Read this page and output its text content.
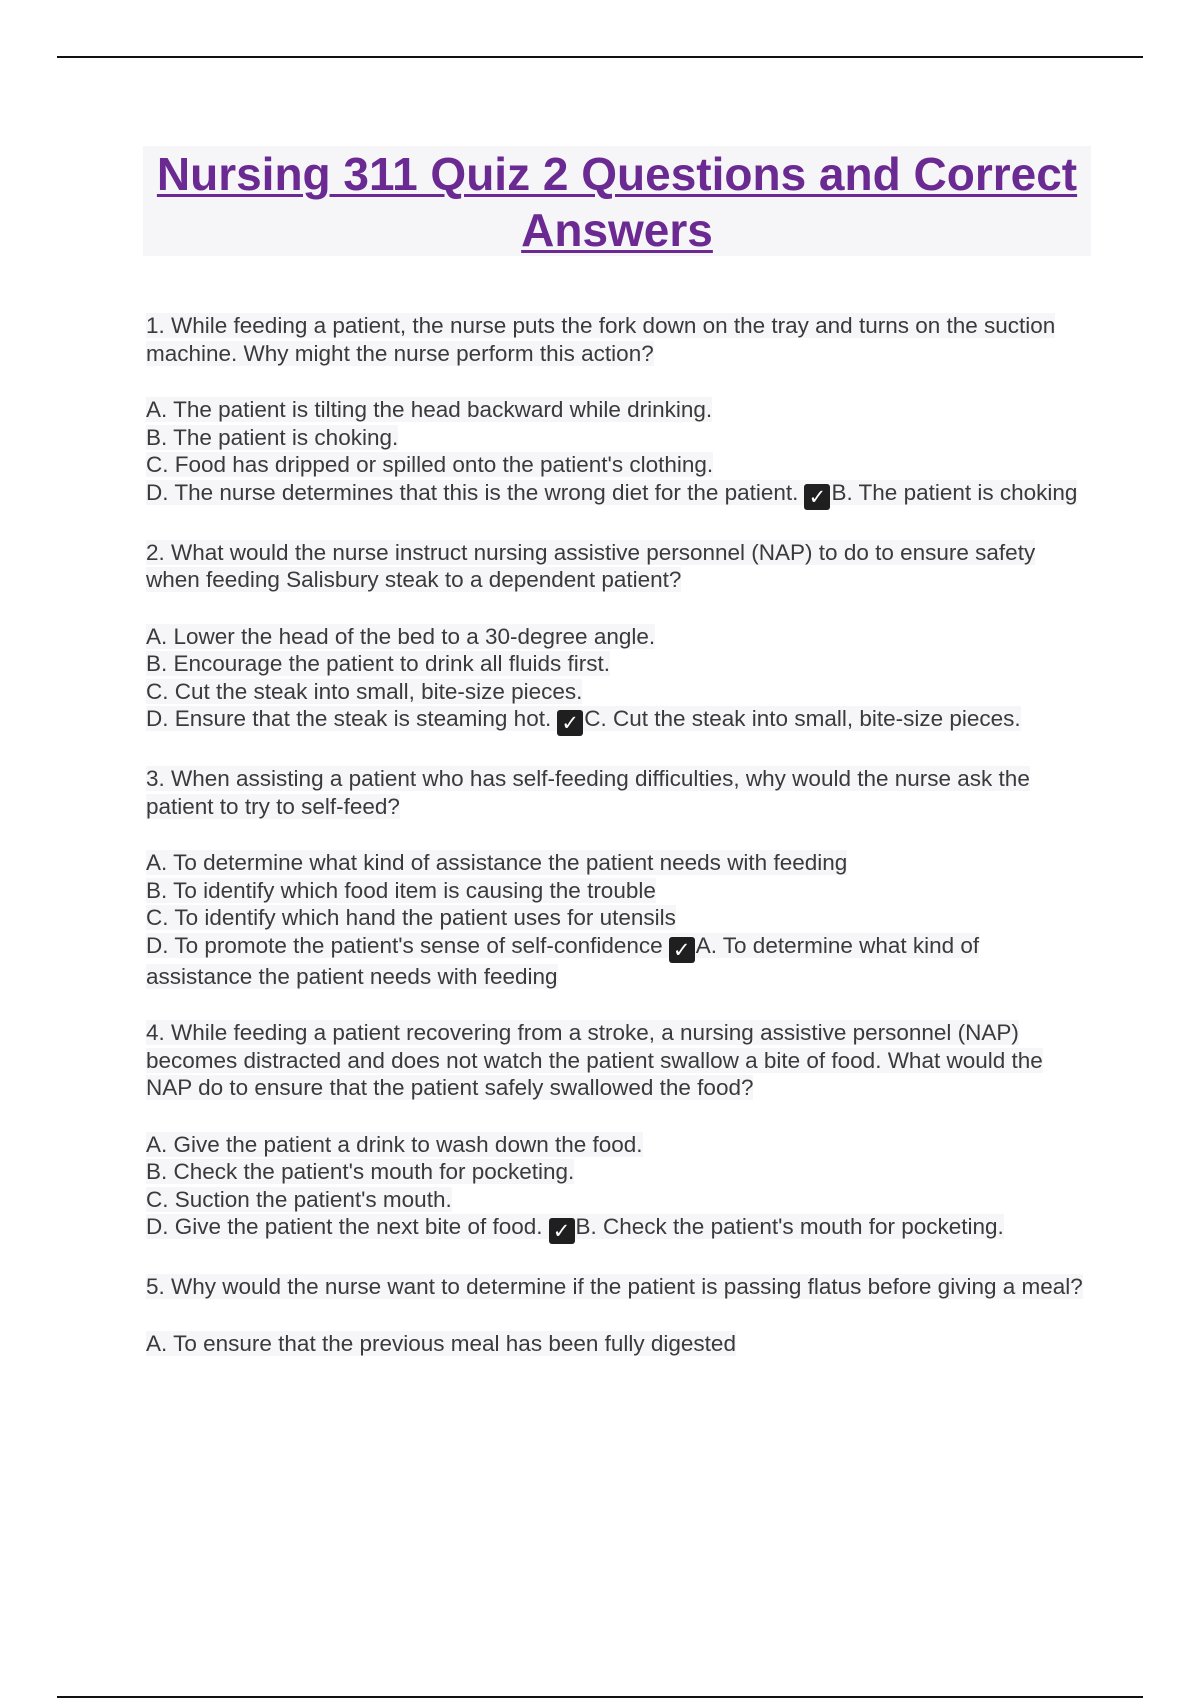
Nursing 311 Quiz 2 Questions and Correct Answers
1. While feeding a patient, the nurse puts the fork down on the tray and turns on the suction machine. Why might the nurse perform this action?
A. The patient is tilting the head backward while drinking.
B. The patient is choking.
C. Food has dripped or spilled onto the patient's clothing.
D. The nurse determines that this is the wrong diet for the patient. ✓ B. The patient is choking
2. What would the nurse instruct nursing assistive personnel (NAP) to do to ensure safety when feeding Salisbury steak to a dependent patient?
A. Lower the head of the bed to a 30-degree angle.
B. Encourage the patient to drink all fluids first.
C. Cut the steak into small, bite-size pieces.
D. Ensure that the steak is steaming hot. ✓ C. Cut the steak into small, bite-size pieces.
3. When assisting a patient who has self-feeding difficulties, why would the nurse ask the patient to try to self-feed?
A. To determine what kind of assistance the patient needs with feeding
B. To identify which food item is causing the trouble
C. To identify which hand the patient uses for utensils
D. To promote the patient's sense of self-confidence ✓ A. To determine what kind of assistance the patient needs with feeding
4. While feeding a patient recovering from a stroke, a nursing assistive personnel (NAP) becomes distracted and does not watch the patient swallow a bite of food. What would the NAP do to ensure that the patient safely swallowed the food?
A. Give the patient a drink to wash down the food.
B. Check the patient's mouth for pocketing.
C. Suction the patient's mouth.
D. Give the patient the next bite of food. ✓ B. Check the patient's mouth for pocketing.
5. Why would the nurse want to determine if the patient is passing flatus before giving a meal?
A. To ensure that the previous meal has been fully digested
